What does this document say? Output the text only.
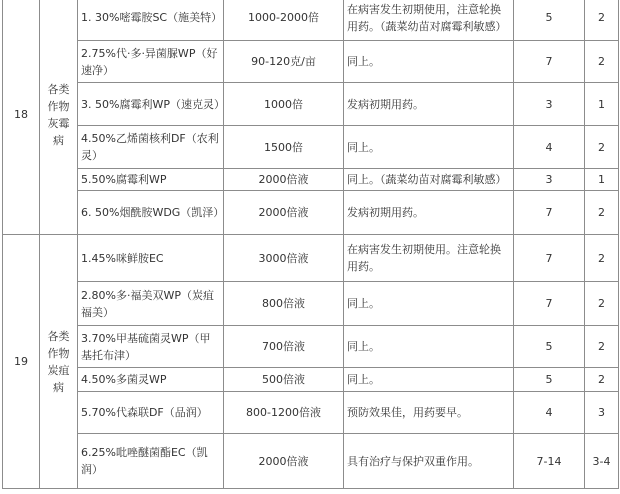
18	各类作物灰霉病	1. 30%嘧霉胺SC（施美特）	1000-2000倍	在病害发生初期使用，注意轮换用药。（蔬菜幼苗对腐霉利敏感）	5	2
		2.75%代·多·异菌脲WP（好速净）	90-120克/亩	同上。	7	2
		3. 50%腐霉利WP（速克灵）	1000倍	发病初期用药。	3	1
		4.50%乙烯菌核利DF（农利灵）	1500倍	同上。	4	2
		5.50%腐霉利WP	2000倍液	同上。（蔬菜幼苗对腐霉利敏感）	3	1
		6. 50%烟酰胺WDG（凯泽）	2000倍液	发病初期用药。	7	2
19	各类作物炭疽病	1.45%咪鲜胺EC	3000倍液	在病害发生初期使用。注意轮换用药。	7	2
		2.80%多·福美双WP（炭疽福美）	800倍液	同上。	7	2
		3.70%甲基硫菌灵WP（甲基托布津）	700倍液	同上。	5	2
		4.50%多菌灵WP	500倍液	同上。	5	2
		5.70%代森联DF（品润）	800-1200倍液	预防效果佳，用药要早。	4	3
		6.25%吡唑醚菌酯EC（凯润）	2000倍液	具有治疗与保护双重作用。	7-14	3-4
